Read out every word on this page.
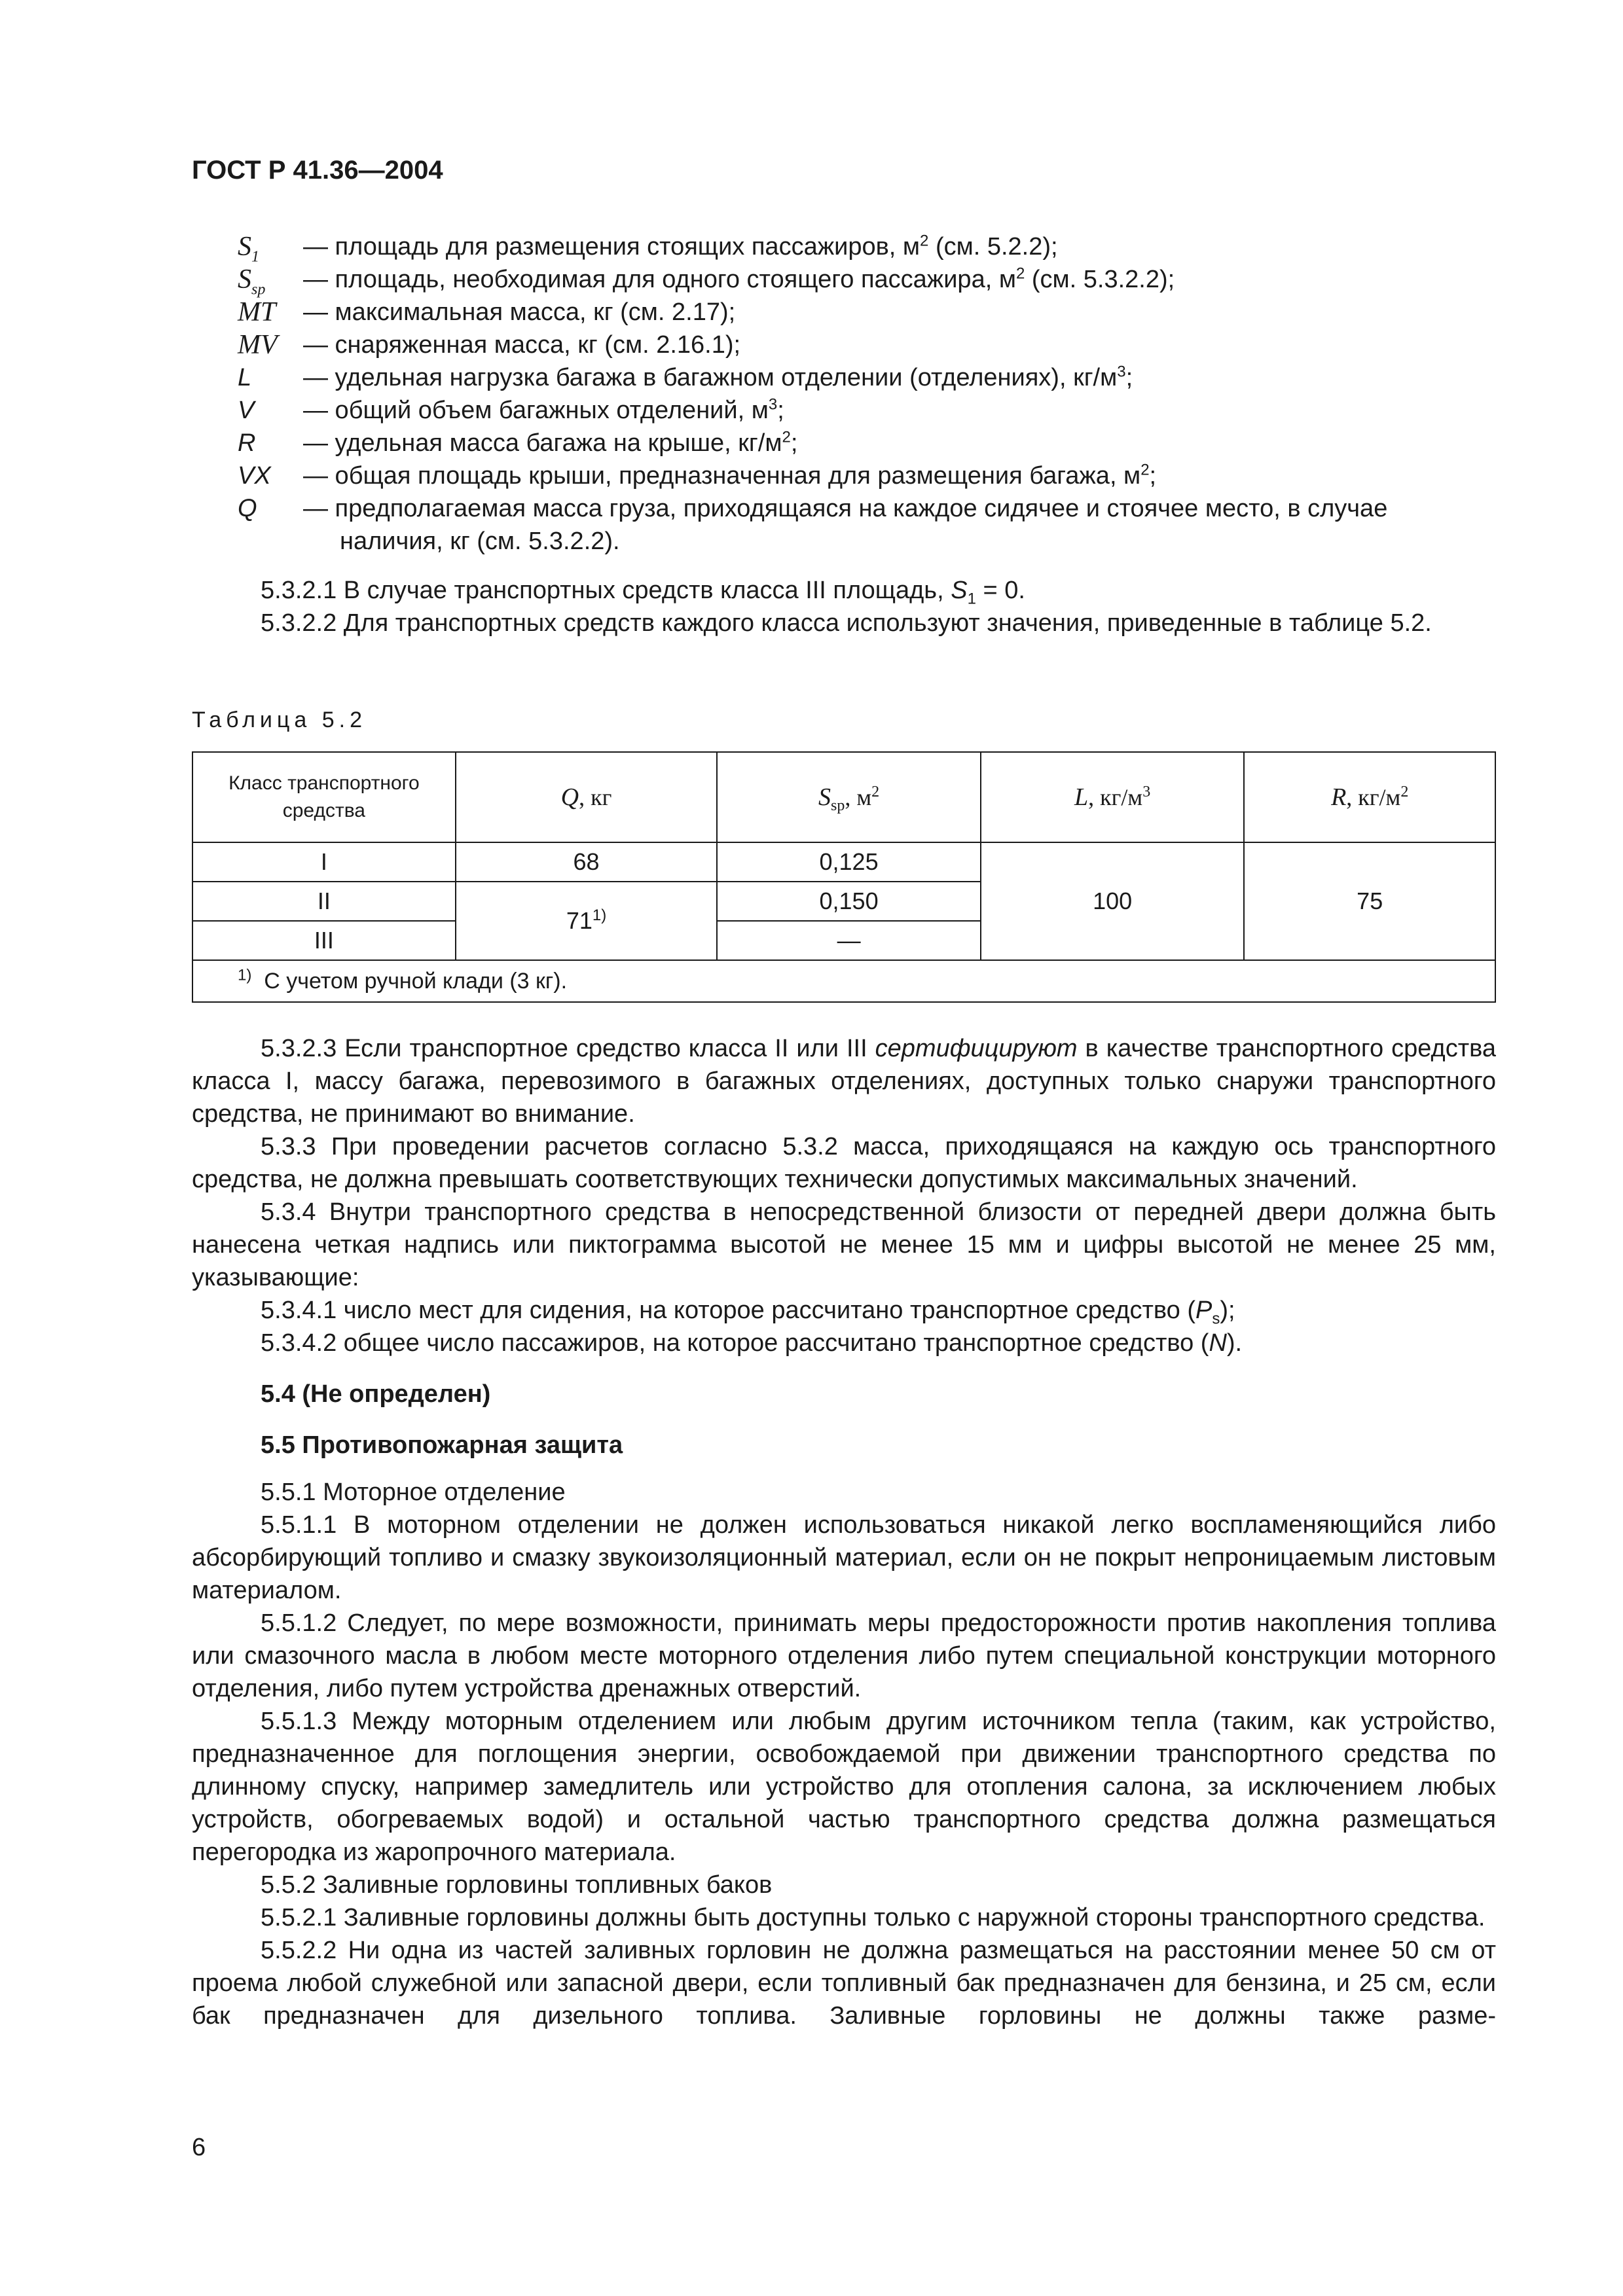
ГОСТ Р 41.36—2004
$S_1$	— площадь для размещения стоящих пассажиров, $м^2$ (см. 5.2.2);
$S_{sp}$	— площадь, необходимая для одного стоящего пассажира, $м^2$ (см. 5.3.2.2);
MT	— максимальная масса, кг (см. 2.17);
MV	— снаряженная масса, кг (см. 2.16.1);
L	— удельная нагрузка багажа в багажном отделении (отделениях), $кг/м^3$;
V	— общий объем багажных отделений, $м^3$;
R	— удельная масса багажа на крыше, $кг/м^2$;
VX	— общая площадь крыши, предназначенная для размещения багажа, $м^2$;
Q	— предполагаемая масса груза, приходящаяся на каждое сидячее и стоячее место, в случае
наличия, кг (см. 5.3.2.2).

5.3.2.1 В случае транспортных средств класса III площадь, $S_1 = 0$.

5.3.2.2 Для транспортных средств каждого класса используют значения, приведенные в таблице 5.2.

Таблица 5.2
Класс транспортного средства	Q, кг	$S_{sp}$, $м^2$	L, $кг/м^3$	R, $кг/м^2$
I	68	0,125	100	75
II	71$^{1)}$	0,150		
III		—		
$^{1)}$ С учетом ручной клади (3 кг).				

5.3.2.3 Если транспортное средство класса II или III сертифицируют в качестве транспортного средства класса I, массу багажа, перевозимого в багажных отделениях, доступных только снаружи транспортного средства, не принимают во внимание.

5.3.3 При проведении расчетов согласно 5.3.2 масса, приходящаяся на каждую ось транспортного средства, не должна превышать соответствующих технически допустимых максимальных значений.

5.3.4 Внутри транспортного средства в непосредственной близости от передней двери должна быть нанесена четкая надпись или пиктограмма высотой не менее 15 мм и цифры высотой не менее 25 мм, указывающие:

5.3.4.1 число мест для сидения, на которое рассчитано транспортное средство $(P_s)$;

5.3.4.2 общее число пассажиров, на которое рассчитано транспортное средство (N).

5.4 (Не определен)

5.5 Противопожарная защита

5.5.1 Моторное отделение

5.5.1.1 В моторном отделении не должен использоваться никакой легко воспламеняющийся либо абсорбирующий топливо и смазку звукоизоляционный материал, если он не покрыт непроницаемым листовым материалом.

5.5.1.2 Следует, по мере возможности, принимать меры предосторожности против накопления топлива или смазочного масла в любом месте моторного отделения либо путем специальной конструкции моторного отделения, либо путем устройства дренажных отверстий.

5.5.1.3 Между моторным отделением или любым другим источником тепла (таким, как устройство, предназначенное для поглощения энергии, освобождаемой при движении транспортного средства по длинному спуску, например замедлитель или устройство для отопления салона, за исключением любых устройств, обогреваемых водой) и остальной частью транспортного средства должна размещаться перегородка из жаропрочного материала.

5.5.2 Заливные горловины топливных баков

5.5.2.1 Заливные горловины должны быть доступны только с наружной стороны транспортного средства.

5.5.2.2 Ни одна из частей заливных горловин не должна размещаться на расстоянии менее 50 см от проема любой служебной или запасной двери, если топливный бак предназначен для бензина, и 25 см, если бак предназначен для дизельного топлива. Заливные горловины не должны также разме-

6
